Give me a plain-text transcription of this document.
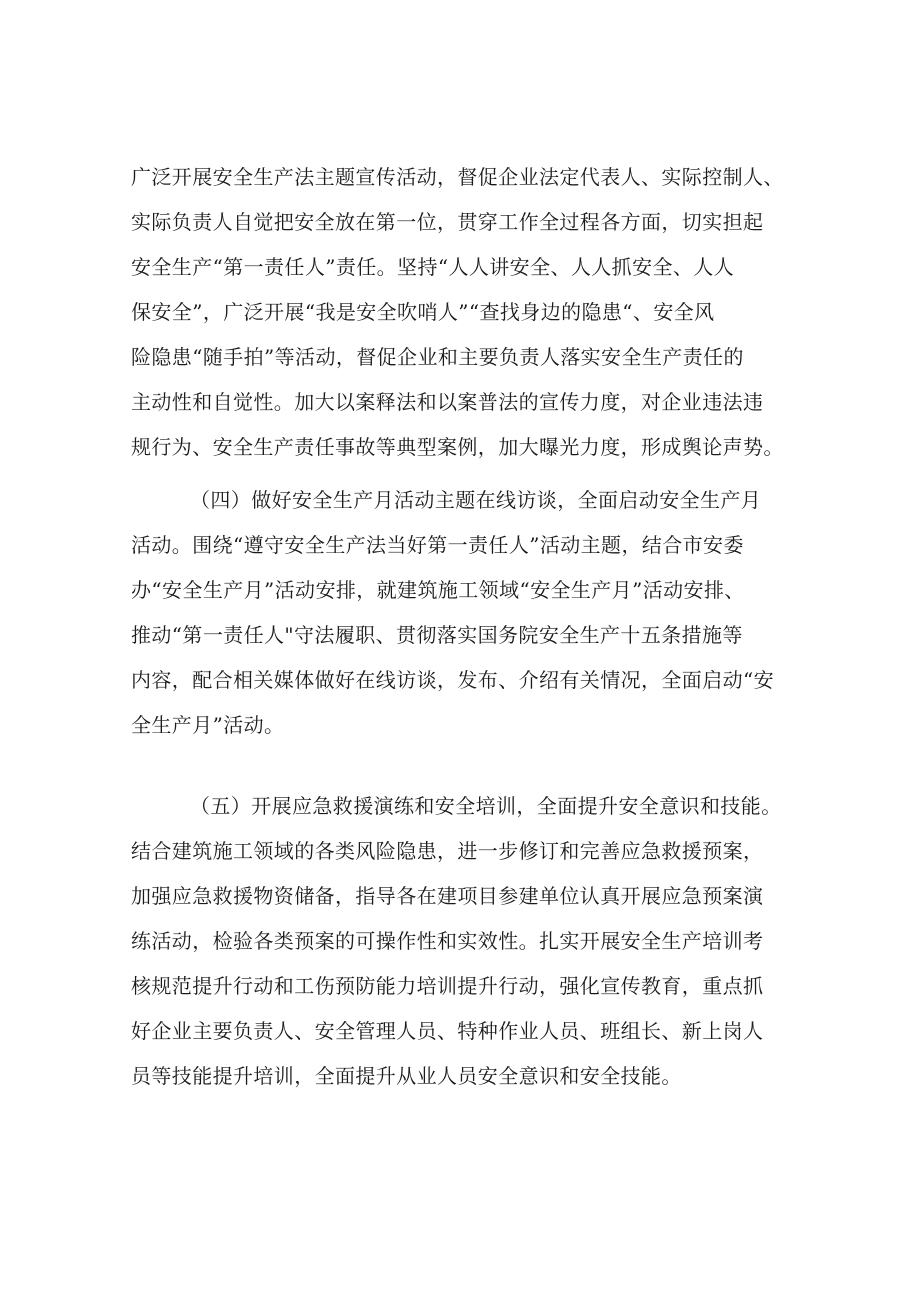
广泛开展安全生产法主题宣传活动，督促企业法定代表人、实际控制人、
实际负责人自觉把安全放在第一位，贯穿工作全过程各方面，切实担起
安全生产“第一责任人”责任。坚持“人人讲安全、人人抓安全、人人
保安全”，广泛开展“我是安全吹哨人”“查找身边的隐患“、安全风
险隐患“随手拍”等活动，督促企业和主要负责人落实安全生产责任的
主动性和自觉性。加大以案释法和以案普法的宣传力度，对企业违法违
规行为、安全生产责任事故等典型案例，加大曝光力度，形成舆论声势。
（四）做好安全生产月活动主题在线访谈，全面启动安全生产月
活动。围绕“遵守安全生产法当好第一责任人”活动主题，结合市安委
办“安全生产月”活动安排，就建筑施工领域“安全生产月”活动安排、
推动“第一责任人"守法履职、贯彻落实国务院安全生产十五条措施等
内容，配合相关媒体做好在线访谈，发布、介绍有关情况，全面启动“安
全生产月”活动。
（五）开展应急救援演练和安全培训，全面提升安全意识和技能。
结合建筑施工领域的各类风险隐患，进一步修订和完善应急救援预案，
加强应急救援物资储备，指导各在建项目参建单位认真开展应急预案演
练活动，检验各类预案的可操作性和实效性。扎实开展安全生产培训考
核规范提升行动和工伤预防能力培训提升行动，强化宣传教育，重点抓
好企业主要负责人、安全管理人员、特种作业人员、班组长、新上岗人
员等技能提升培训，全面提升从业人员安全意识和安全技能。
